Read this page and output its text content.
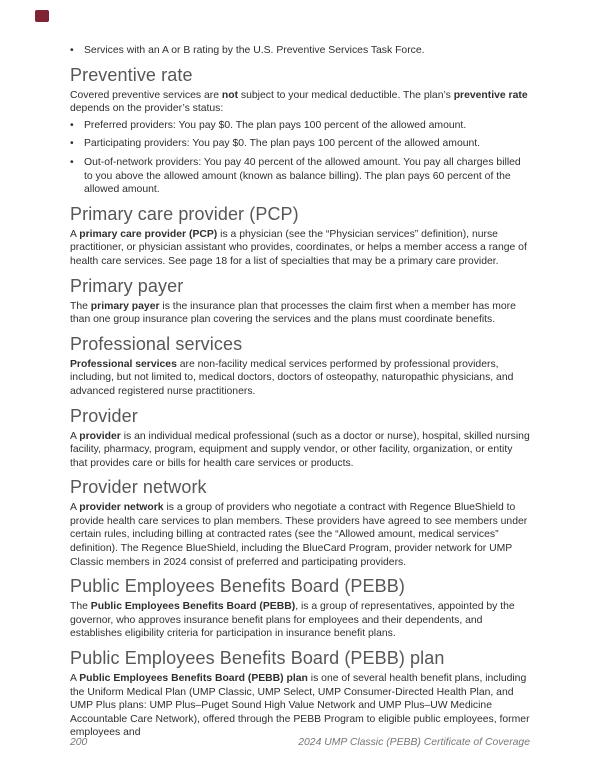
• Services with an A or B rating by the U.S. Preventive Services Task Force.
Preventive rate

Covered preventive services are not subject to your medical deductible. The plan’s preventive rate depends on the provider’s status:

• Preferred providers: You pay $0. The plan pays 100 percent of the allowed amount.
• Participating providers: You pay $0. The plan pays 100 percent of the allowed amount.
• Out-of-network providers: You pay 40 percent of the allowed amount. You pay all charges billed to you above the allowed amount (known as balance billing). The plan pays 60 percent of the allowed amount.
Primary care provider (PCP)

A primary care provider (PCP) is a physician (see the “Physician services” definition), nurse practitioner, or physician assistant who provides, coordinates, or helps a member access a range of health care services. See page 18 for a list of specialties that may be a primary care provider.

Primary payer

The primary payer is the insurance plan that processes the claim first when a member has more than one group insurance plan covering the services and the plans must coordinate benefits.

Professional services

Professional services are non-facility medical services performed by professional providers, including, but not limited to, medical doctors, doctors of osteopathy, naturopathic physicians, and advanced registered nurse practitioners.

Provider

A provider is an individual medical professional (such as a doctor or nurse), hospital, skilled nursing facility, pharmacy, program, equipment and supply vendor, or other facility, organization, or entity that provides care or bills for health care services or products.

Provider network

A provider network is a group of providers who negotiate a contract with Regence BlueShield to provide health care services to plan members. These providers have agreed to see members under certain rules, including billing at contracted rates (see the “Allowed amount, medical services” definition). The Regence BlueShield, including the BlueCard Program, provider network for UMP Classic members in 2024 consist of preferred and participating providers.

Public Employees Benefits Board (PEBB)

The Public Employees Benefits Board (PEBB), is a group of representatives, appointed by the governor, who approves insurance benefit plans for employees and their dependents, and establishes eligibility criteria for participation in insurance benefit plans.

Public Employees Benefits Board (PEBB) plan

A Public Employees Benefits Board (PEBB) plan is one of several health benefit plans, including the Uniform Medical Plan (UMP Classic, UMP Select, UMP Consumer-Directed Health Plan, and UMP Plus plans: UMP Plus–Puget Sound High Value Network and UMP Plus–UW Medicine Accountable Care Network), offered through the PEBB Program to eligible public employees, former employees and

200	2024 UMP Classic (PEBB) Certificate of Coverage
